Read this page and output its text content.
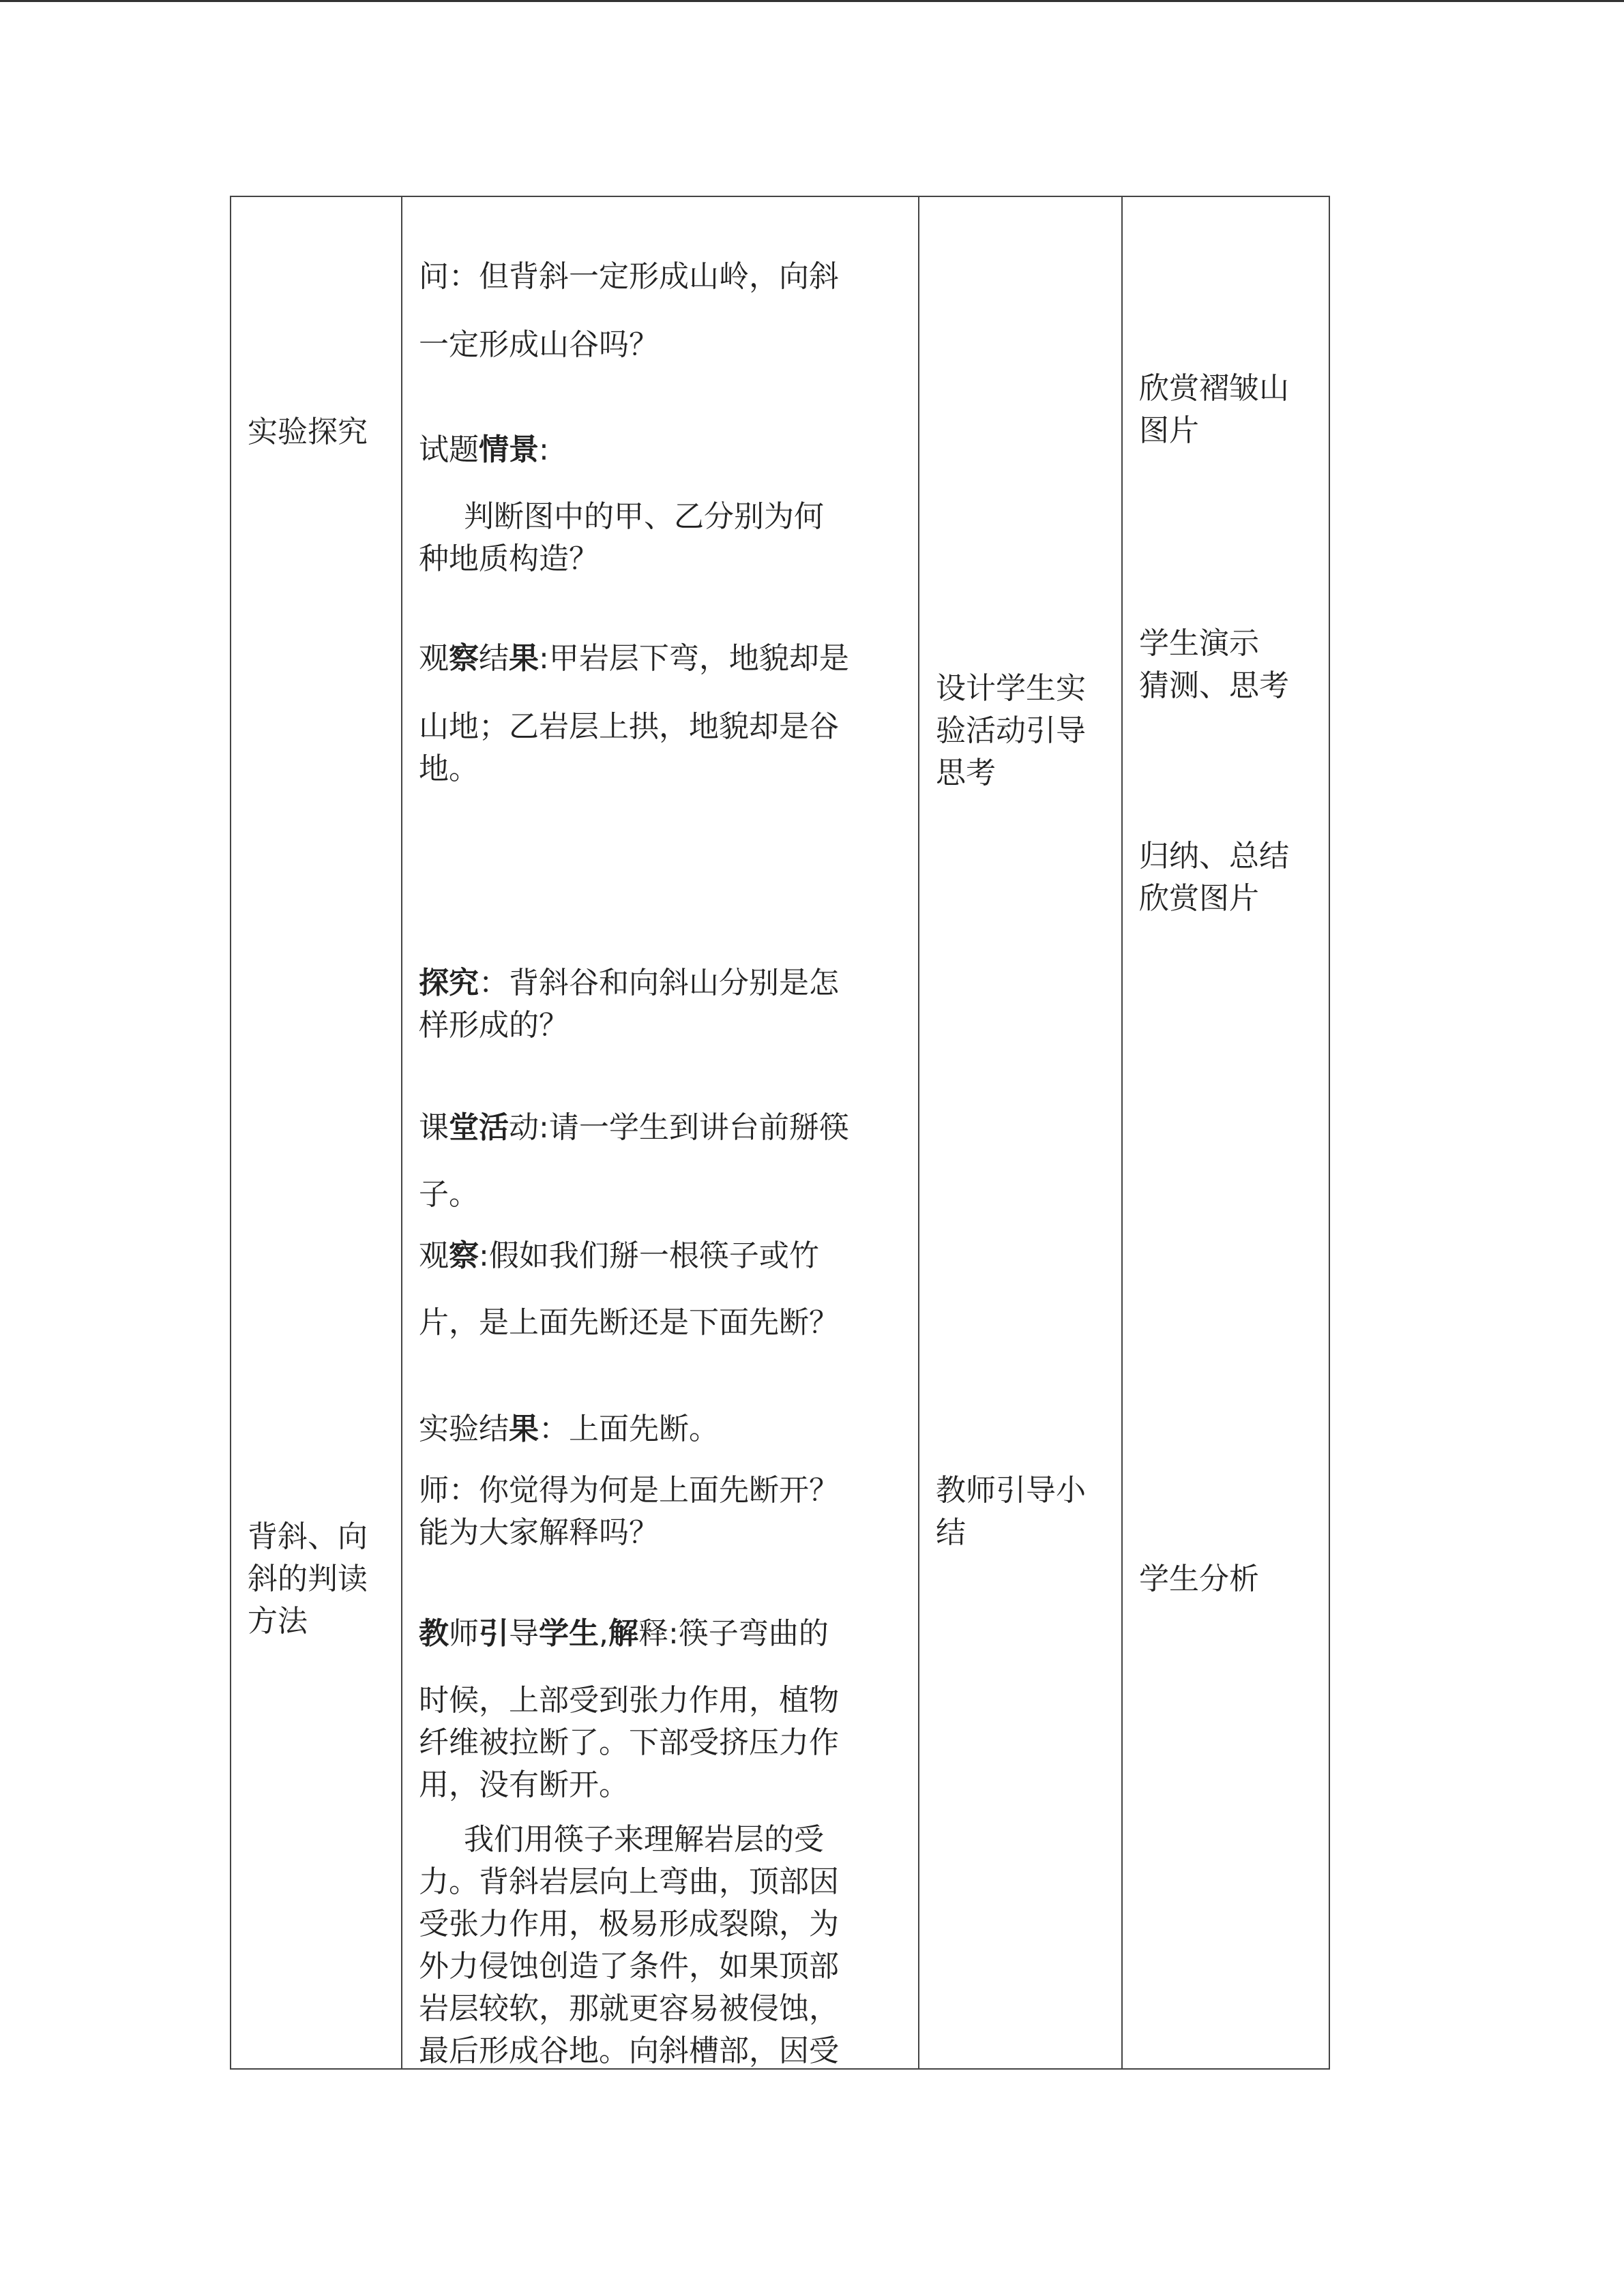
实验探究
背斜、向
斜的判读
方法
问：但背斜一定形成山岭，向斜
一定形成山谷吗？
试题情景:
判断图中的甲、乙分别为何
种地质构造？
观察结果:甲岩层下弯，地貌却是
山地；乙岩层上拱，地貌却是谷
地。
探究：背斜谷和向斜山分别是怎
样形成的？
课堂活动:请一学生到讲台前掰筷
子。
观察:假如我们掰一根筷子或竹
片，是上面先断还是下面先断？
实验结果：上面先断。
师：你觉得为何是上面先断开？
能为大家解释吗？
教师引导学生,解释:筷子弯曲的
时候，上部受到张力作用，植物
纤维被拉断了。下部受挤压力作
用，没有断开。
我们用筷子来理解岩层的受
力。背斜岩层向上弯曲，顶部因
受张力作用，极易形成裂隙，为
外力侵蚀创造了条件，如果顶部
岩层较软，那就更容易被侵蚀，
最后形成谷地。向斜槽部，因受
设计学生实
验活动引导
思考
教师引导小
结
欣赏褶皱山
图片
学生演示
猜测、思考
归纳、总结
欣赏图片
学生分析
